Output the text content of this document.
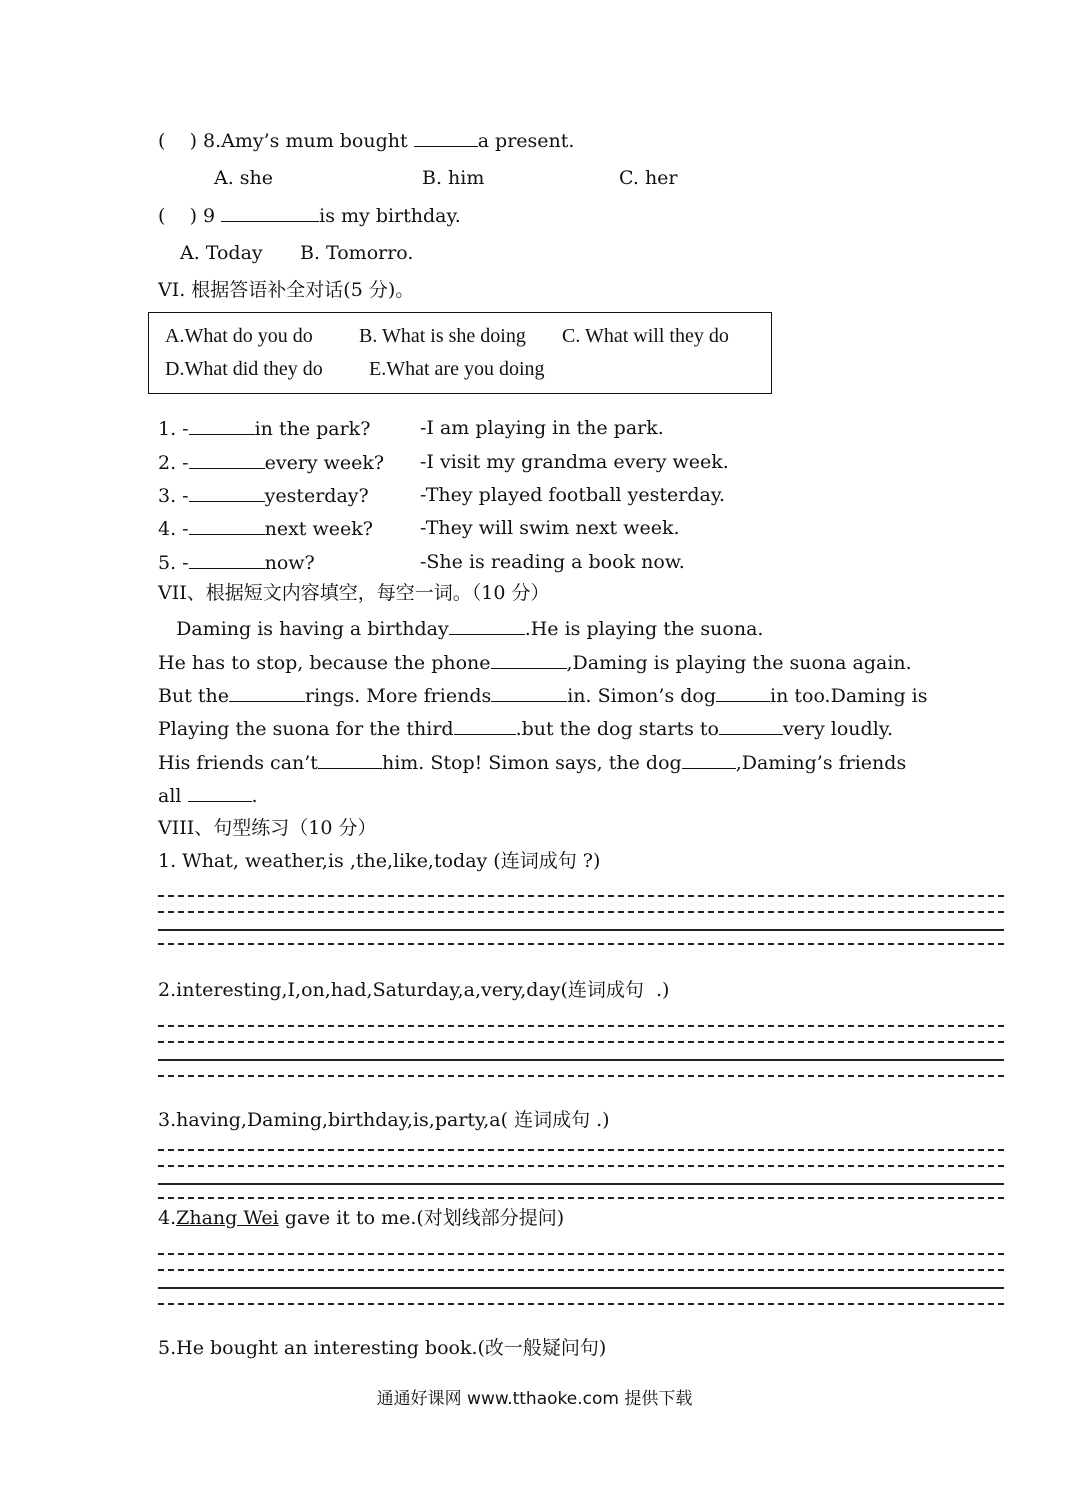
(    ) 8.Amy’s mum bought	a present.
A. she	B. him	C. her
(    ) 9	is my birthday.
A. Today B. Tomorro.
VI. 根据答语补全对话(5 分)。
A.What do you do B. What is she doing C. What will they do
D.What did they do E.What are you doing
1. -	in the park?	-I am playing in the park.
2. -	every week? -I visit my grandma every week.
3. -	yesterday?	-They played football yesterday.
4. -	next week? -They will swim next week.
5. -	now?	-She is reading a book now.
VII、根据短文内容填空，每空一词。（10 分）
Daming is having a birthday	.He is playing the suona.
He has to stop, because the phone	,Daming is playing the suona again.
But the	rings. More friends	in. Simon’s dog	in too.Daming is
Playing the suona for the third	.but the dog starts to	very loudly.
His friends can’t	him. Stop! Simon says, the dog	,Daming’s friends
all	.
VIII、句型练习（10 分）
1. What, weather,is ,the,like,today (连词成句 ?)
2.interesting,I,on,had,Saturday,a,very,day(连词成句  .)
3.having,Daming,birthday,is,party,a( 连词成句 .)
4.Zhang Wei gave it to me.(对划线部分提问)
5.He bought an interesting book.(改一般疑问句)
通通好课网 www.tthaoke.com 提供下载
